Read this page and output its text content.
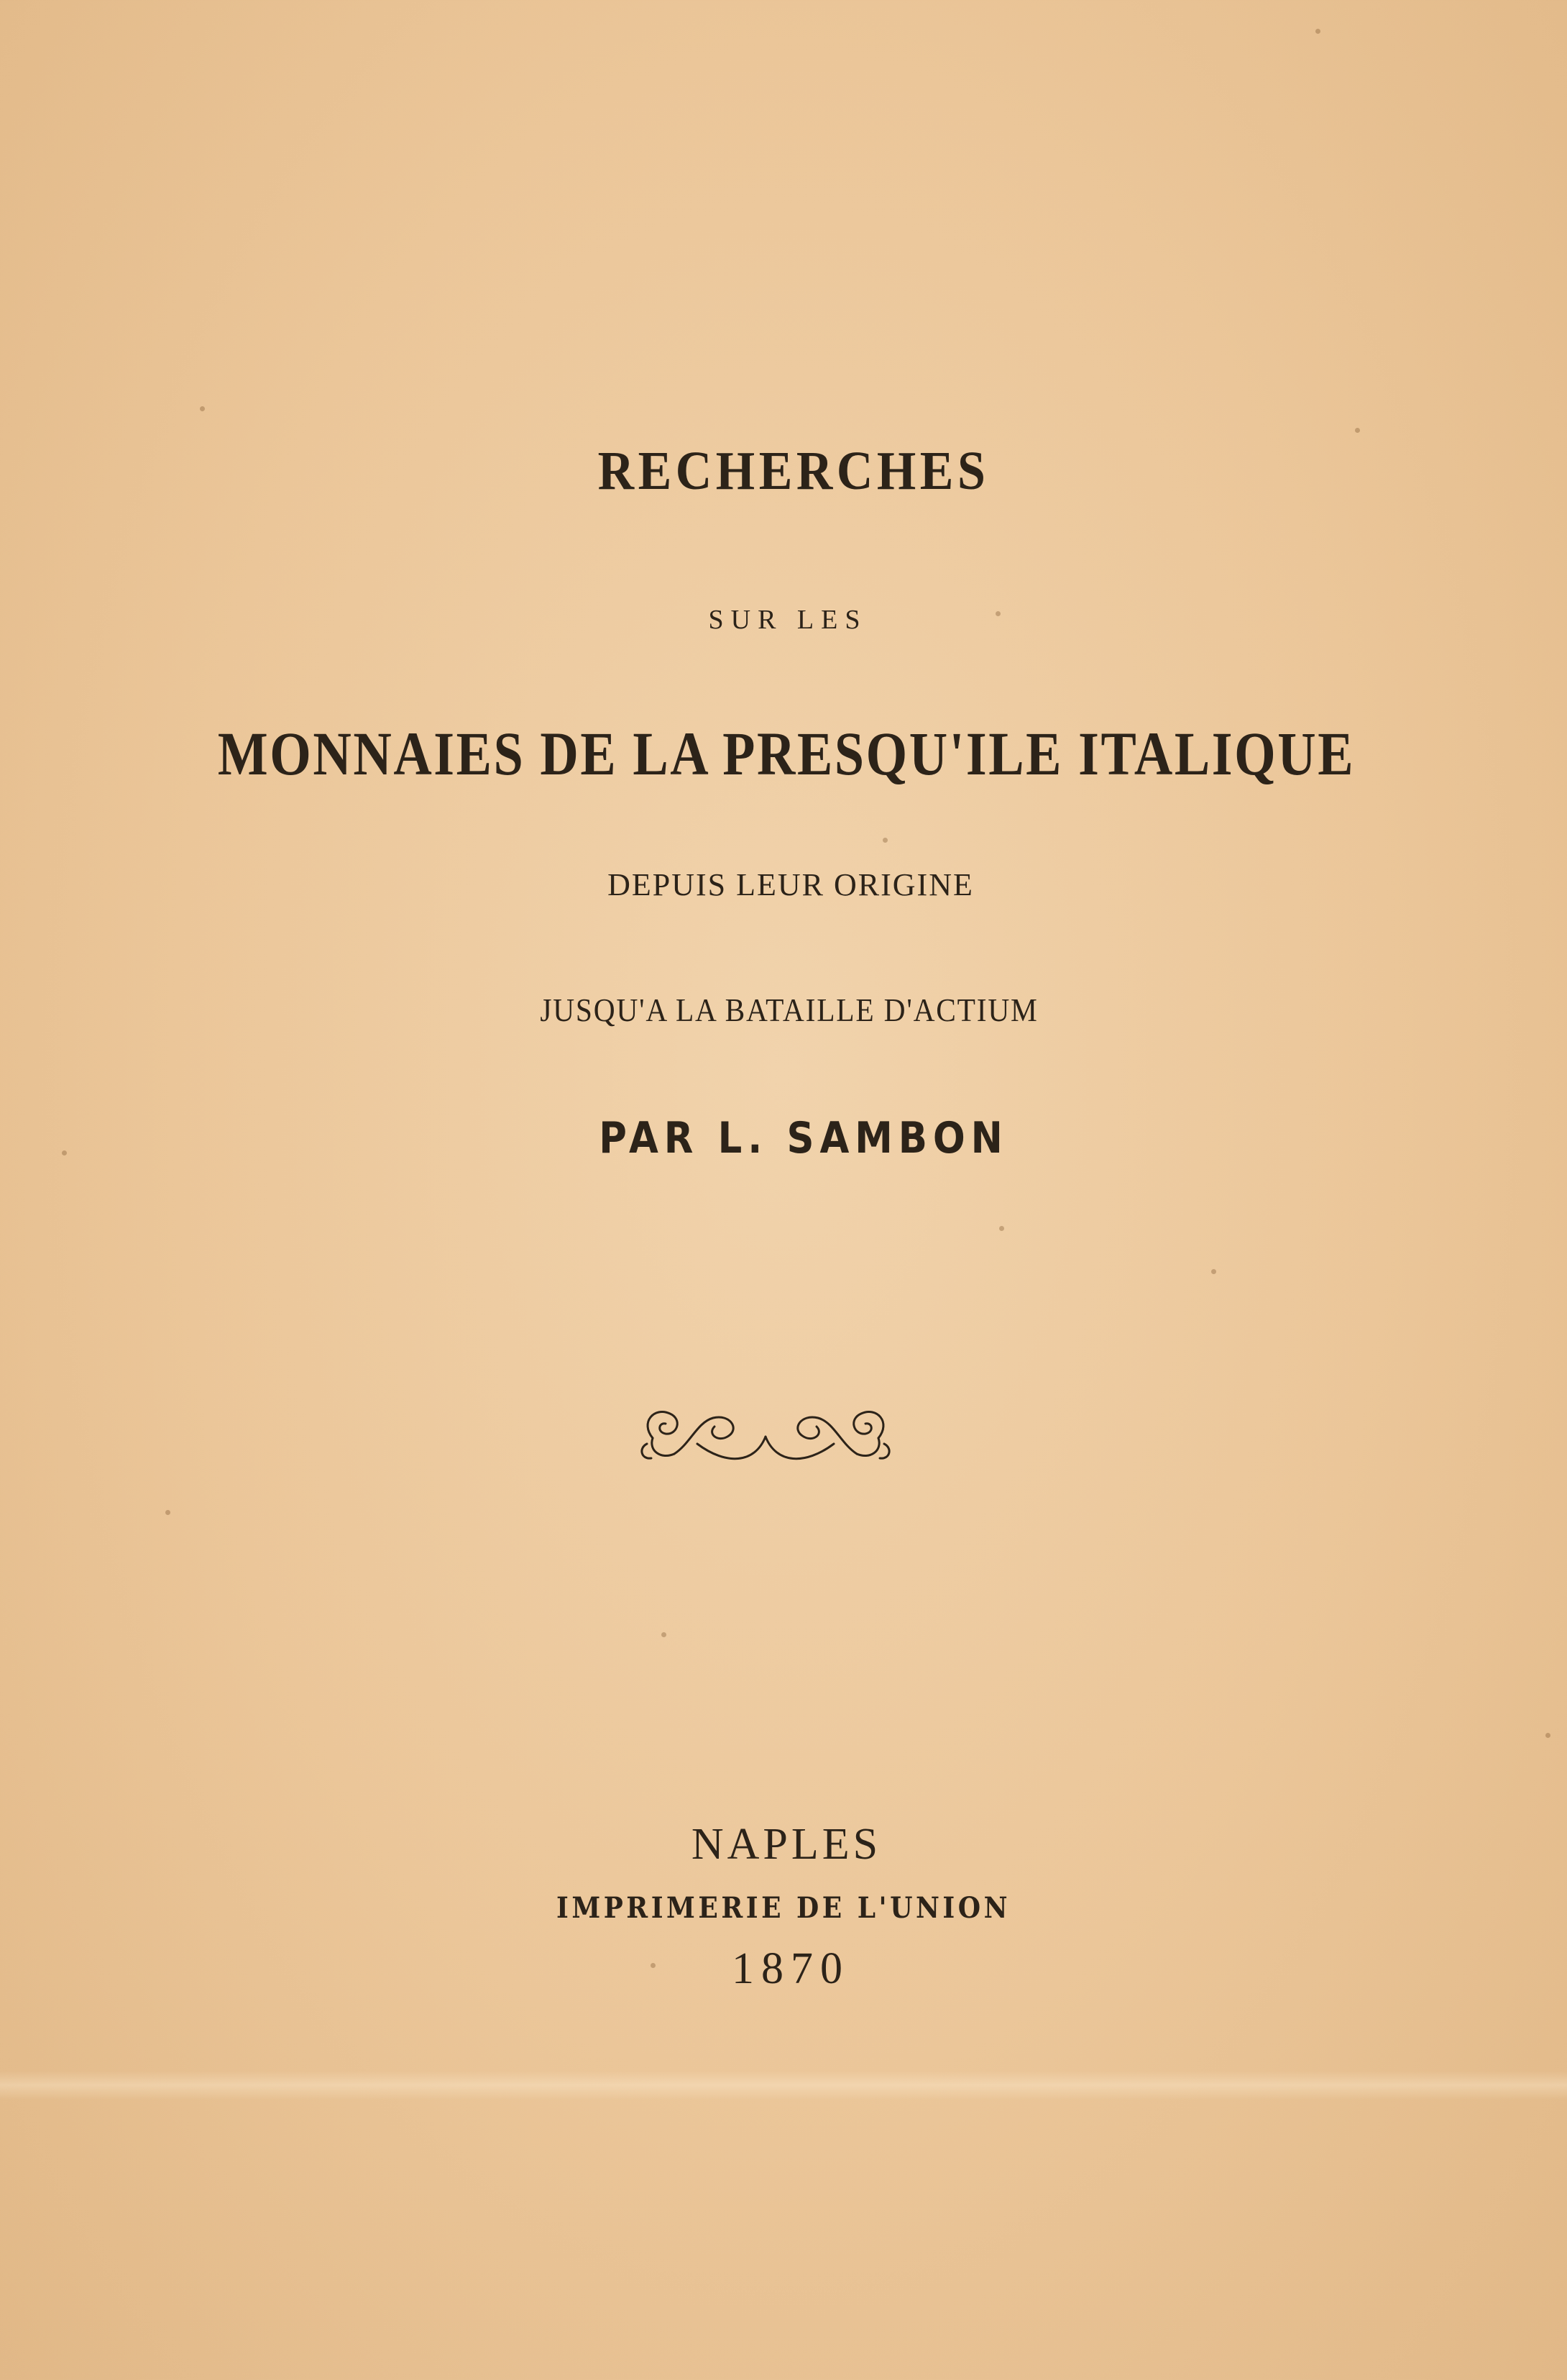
RECHERCHES
SUR LES
MONNAIES DE LA PRESQU'ILE ITALIQUE
DEPUIS LEUR ORIGINE
JUSQU'A LA BATAILLE D'ACTIUM
PAR L. SAMBON
NAPLES
IMPRIMERIE DE L'UNION
1870
